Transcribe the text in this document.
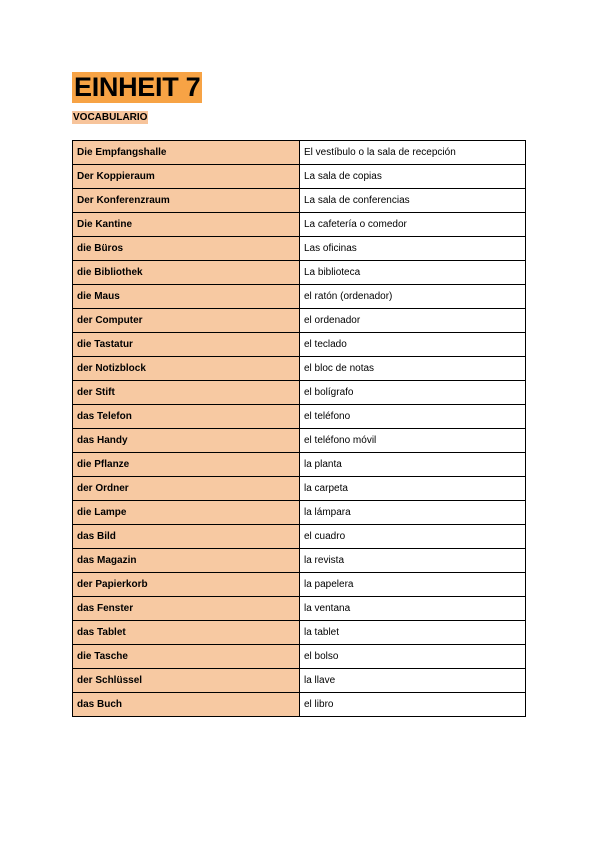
EINHEIT 7
VOCABULARIO
Die Empfangshalle	El vestíbulo o la sala de recepción
Der Koppieraum	La sala de copias
Der Konferenzraum	La sala de conferencias
Die Kantine	La cafetería o comedor
die Büros	Las oficinas
die Bibliothek	La biblioteca
die Maus	el ratón (ordenador)
der Computer	el ordenador
die Tastatur	el teclado
der Notizblock	el bloc de notas
der Stift	el bolígrafo
das Telefon	el teléfono
das Handy	el teléfono móvil
die Pflanze	la planta
der Ordner	la carpeta
die Lampe	la lámpara
das Bild	el cuadro
das Magazin	la revista
der Papierkorb	la papelera
das Fenster	la ventana
das Tablet	la tablet
die Tasche	el bolso
der Schlüssel	la llave
das Buch	el libro
